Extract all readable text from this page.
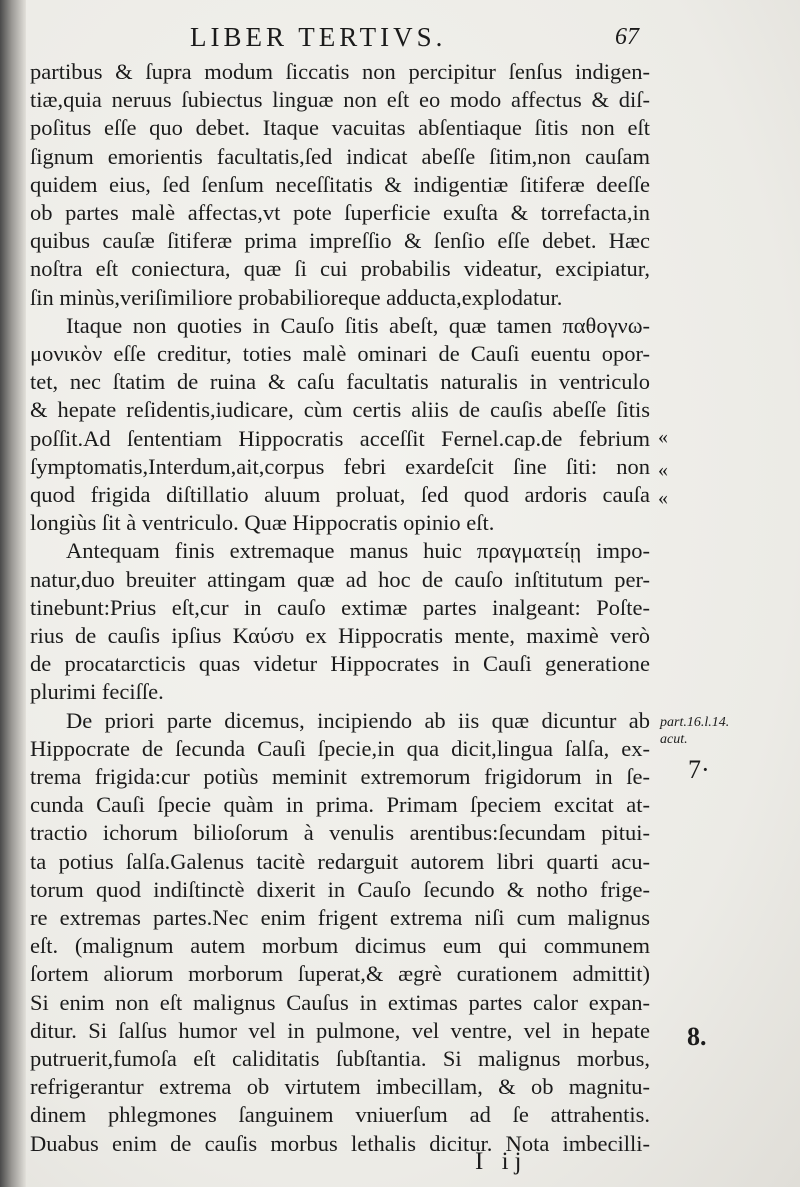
LIBER TERTIVS.	67
partibus & ſupra modum ſiccatis non percipitur ſenſus indigen-
tiæ,quia neruus ſubiectus linguæ non eſt eo modo affectus & diſ-
poſitus eſſe quo debet. Itaque vacuitas abſentiaque ſitis non eſt
ſignum emorientis facultatis,ſed indicat abeſſe ſitim,non cauſam
quidem eius, ſed ſenſum neceſſitatis & indigentiæ ſitiferæ deeſſe
ob partes malè affectas,vt pote ſuperficie exuſta & torrefacta,in
quibus cauſæ ſitiferæ prima impreſſio & ſenſio eſſe debet. Hæc
noſtra eſt coniectura, quæ ſi cui probabilis videatur, excipiatur,
ſin minùs,veriſimiliore probabilioreque adducta,explodatur.
Itaque non quoties in Cauſo ſitis abeſt, quæ tamen παθογνω-
μονικὸν eſſe creditur, toties malè ominari de Cauſi euentu opor-
tet, nec ſtatim de ruina & caſu facultatis naturalis in ventriculo
& hepate reſidentis,iudicare, cùm certis aliis de cauſis abeſſe ſitis
poſſit.Ad ſententiam Hippocratis acceſſit Fernel.cap.de febrium
ſymptomatis,Interdum,ait,corpus febri exardeſcit ſine ſiti: non
quod frigida diſtillatio aluum proluat, ſed quod ardoris cauſa
longiùs ſit à ventriculo. Quæ Hippocratis opinio eſt.
Antequam finis extremaque manus huic πραγματείῃ impo-
natur,duo breuiter attingam quæ ad hoc de cauſo inſtitutum per-
tinebunt:Prius eſt,cur in cauſo extimæ partes inalgeant: Poſte-
rius de cauſis ipſius Καύσυ ex Hippocratis mente, maximè verò
de procatarcticis quas videtur Hippocrates in Cauſi generatione
plurimi feciſſe.
De priori parte dicemus, incipiendo ab iis quæ dicuntur ab
Hippocrate de ſecunda Cauſi ſpecie,in qua dicit,lingua ſalſa, ex-
trema frigida:cur potiùs meminit extremorum frigidorum in ſe-
cunda Cauſi ſpecie quàm in prima. Primam ſpeciem excitat at-
tractio ichorum bilioſorum à venulis arentibus:ſecundam pitui-
ta potius ſalſa.Galenus tacitè redarguit autorem libri quarti acu-
torum quod indiſtinctè dixerit in Cauſo ſecundo & notho frige-
re extremas partes.Nec enim frigent extrema niſi cum malignus
eſt. (malignum autem morbum dicimus eum qui communem
ſortem aliorum morborum ſuperat,& ægrè curationem admittit)
Si enim non eſt malignus Cauſus in extimas partes calor expan-
ditur. Si ſalſus humor vel in pulmone, vel ventre, vel in hepate
putruerit,fumoſa eſt caliditatis ſubſtantia. Si malignus morbus,
refrigerantur extrema ob virtutem imbecillam, & ob magnitu-
dinem phlegmones ſanguinem vniuerſum ad ſe attrahentis.
Duabus enim de cauſis morbus lethalis dicitur. Nota imbecilli-
«
«
«
part.16.l.14.
acut.
7·
8.
I ij
